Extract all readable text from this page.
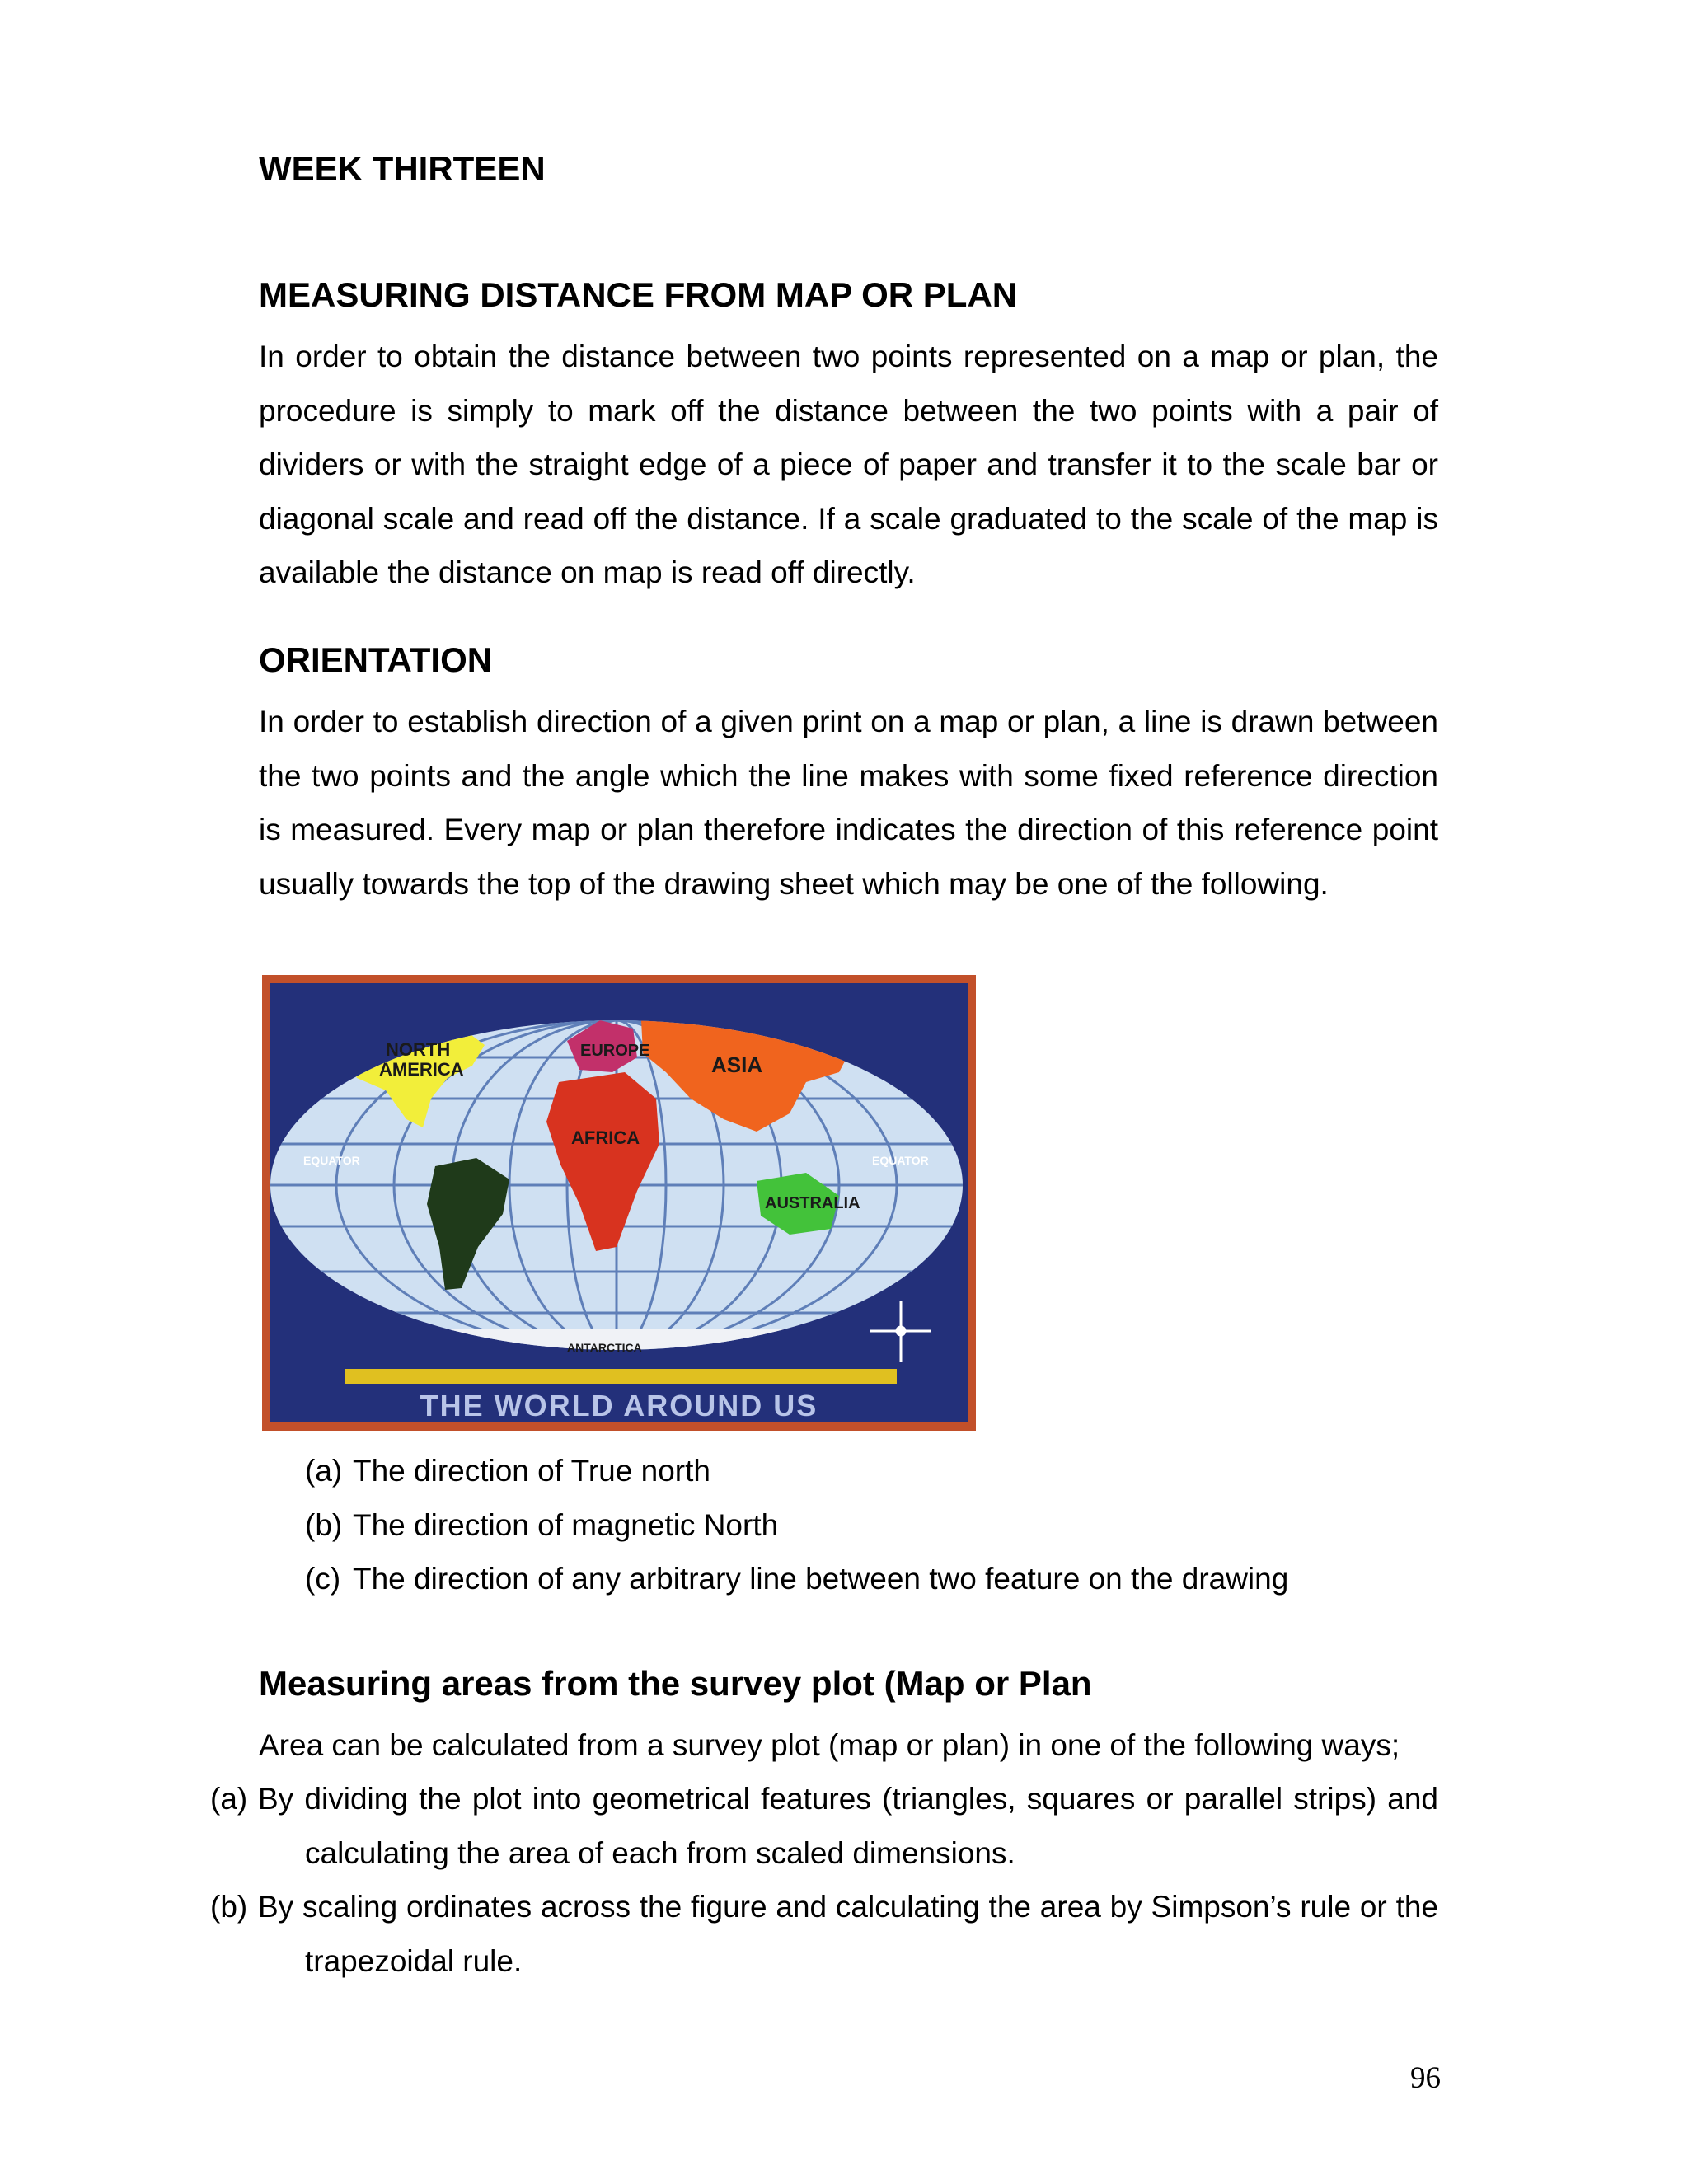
WEEK THIRTEEN
MEASURING DISTANCE FROM MAP OR PLAN

In order to obtain the distance between two points represented on a map or plan, the procedure is simply to mark off the distance between the two points with a pair of dividers or with the straight edge of a piece of paper and transfer it to the scale bar or diagonal scale and read off the distance. If a scale graduated to the scale of the map is available the distance on map is read off directly.

ORIENTATION

In order to establish direction of a given print on a map or plan, a line is drawn between the two points and the angle which the line makes with some fixed reference direction is measured. Every map or plan therefore indicates the direction of this reference point usually towards the top of the drawing sheet which may be one of the following.

NORTH
AMERICA
EUROPE
ASIA
AFRICA
AUSTRALIA
ANTARCTICA
EQUATOR	EQUATOR
THE WORLD AROUND US
(a) The direction of True north
(b) The direction of magnetic North
(c) The direction of any arbitrary line between two feature on the drawing
Measuring areas from the survey plot (Map or Plan

Area can be calculated from a survey plot (map or plan) in one of the following ways;

(a) By dividing the plot into geometrical features (triangles, squares or parallel strips) and calculating the area of each from scaled dimensions.
(b) By scaling ordinates across the figure and calculating the area by Simpson’s rule or the trapezoidal rule.
96
